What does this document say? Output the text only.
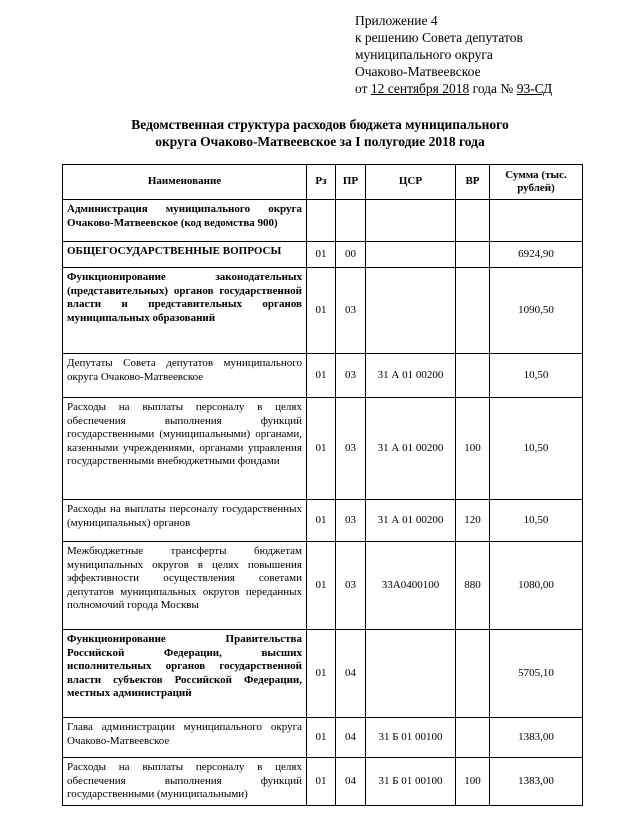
Приложение 4
к решению Совета депутатов
муниципального округа
Очаково-Матвеевское
от 12 сентября 2018 года № 93-СД
Ведомственная структура расходов бюджета муниципального
округа Очаково-Матвеевское за I полугодие 2018 года
Наименование	Рз	ПР	ЦСР	ВР	Сумма (тыс. рублей)
Администрация муниципального округа Очаково-Матвеевское (код ведомства 900)					
ОБЩЕГОСУДАРСТВЕННЫЕ ВОПРОСЫ	01	00			6924,90
Функционирование законодательных (представительных) органов государственной власти и представительных органов муниципальных образований	01	03			1090,50
Депутаты Совета депутатов муниципального округа Очаково-Матвеевское	01	03	31 А 01 00200		10,50
Расходы на выплаты персоналу в целях обеспечения выполнения функций государственными (муниципальными) органами, казенными учреждениями, органами управления государственными внебюджетными фондами	01	03	31 А 01 00200	100	10,50
Расходы на выплаты персоналу государственных (муниципальных) органов	01	03	31 А 01 00200	120	10,50
Межбюджетные трансферты бюджетам муниципальных округов в целях повышения эффективности осуществления советами депутатов муниципальных округов переданных полномочий города Москвы	01	03	33А0400100	880	1080,00
Функционирование Правительства Российской Федерации, высших исполнительных органов государственной власти субъектов Российской Федерации, местных администраций	01	04			5705,10
Глава администрации муниципального округа Очаково-Матвеевское	01	04	31 Б 01 00100		1383,00
Расходы на выплаты персоналу в целях обеспечения выполнения функций государственными (муниципальными)	01	04	31 Б 01 00100	100	1383,00
